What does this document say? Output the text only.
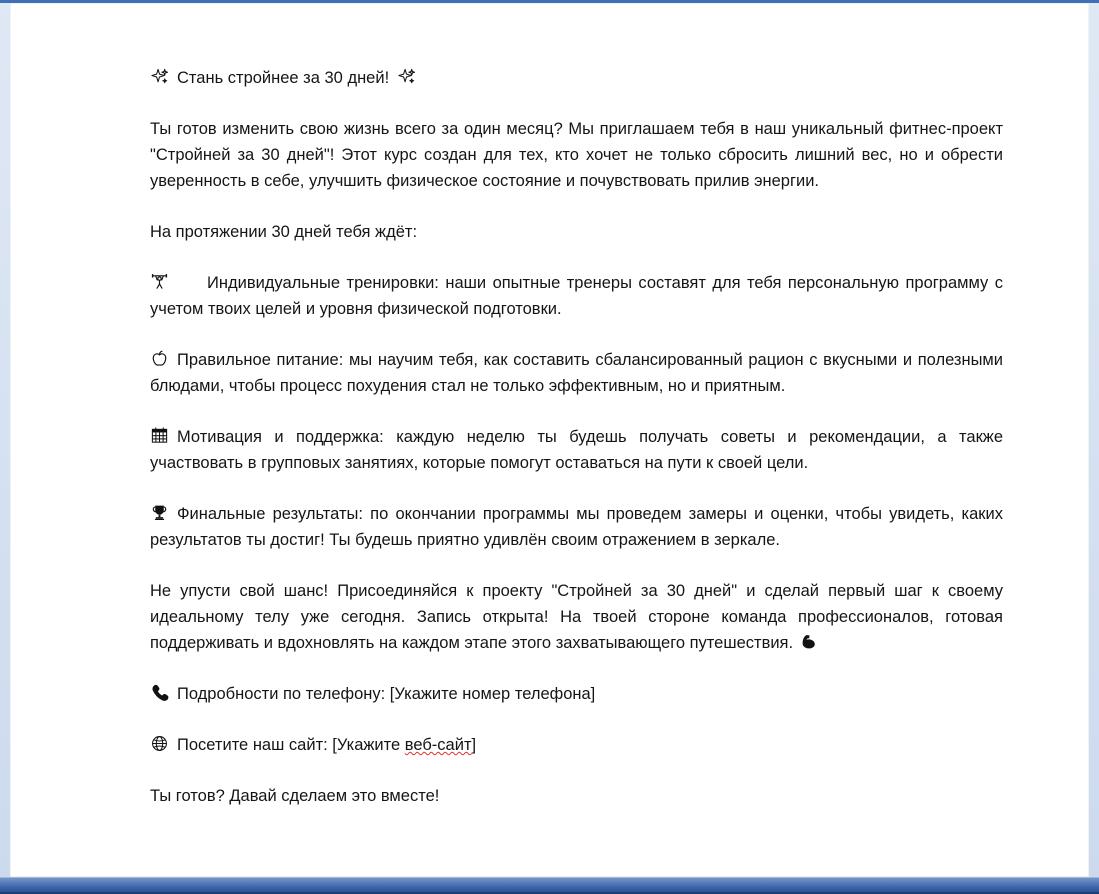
Стань стройнее за 30 дней!

Ты готов изменить свою жизнь всего за один месяц? Мы приглашаем тебя в наш уникальный фитнес-проект "Стройней за 30 дней"! Этот курс создан для тех, кто хочет не только сбросить лишний вес, но и обрести уверенность в себе, улучшить физическое состояние и почувствовать прилив энергии.

На протяжении 30 дней тебя ждёт:

Индивидуальные тренировки: наши опытные тренеры составят для тебя персональную программу с учетом твоих целей и уровня физической подготовки.

Правильное питание: мы научим тебя, как составить сбалансированный рацион с вкусными и полезными блюдами, чтобы процесс похудения стал не только эффективным, но и приятным.

Мотивация и поддержка: каждую неделю ты будешь получать советы и рекомендации, а также участвовать в групповых занятиях, которые помогут оставаться на пути к своей цели.

Финальные результаты: по окончании программы мы проведем замеры и оценки, чтобы увидеть, каких результатов ты достиг! Ты будешь приятно удивлён своим отражением в зеркале.

Не упусти свой шанс! Присоединяйся к проекту "Стройней за 30 дней" и сделай первый шаг к своему идеальному телу уже сегодня. Запись открыта! На твоей стороне команда профессионалов, готовая поддерживать и вдохновлять на каждом этапе этого захватывающего путешествия.

Подробности по телефону: [Укажите номер телефона]

Посетите наш сайт: [Укажите веб-сайт]

Ты готов? Давай сделаем это вместе!
